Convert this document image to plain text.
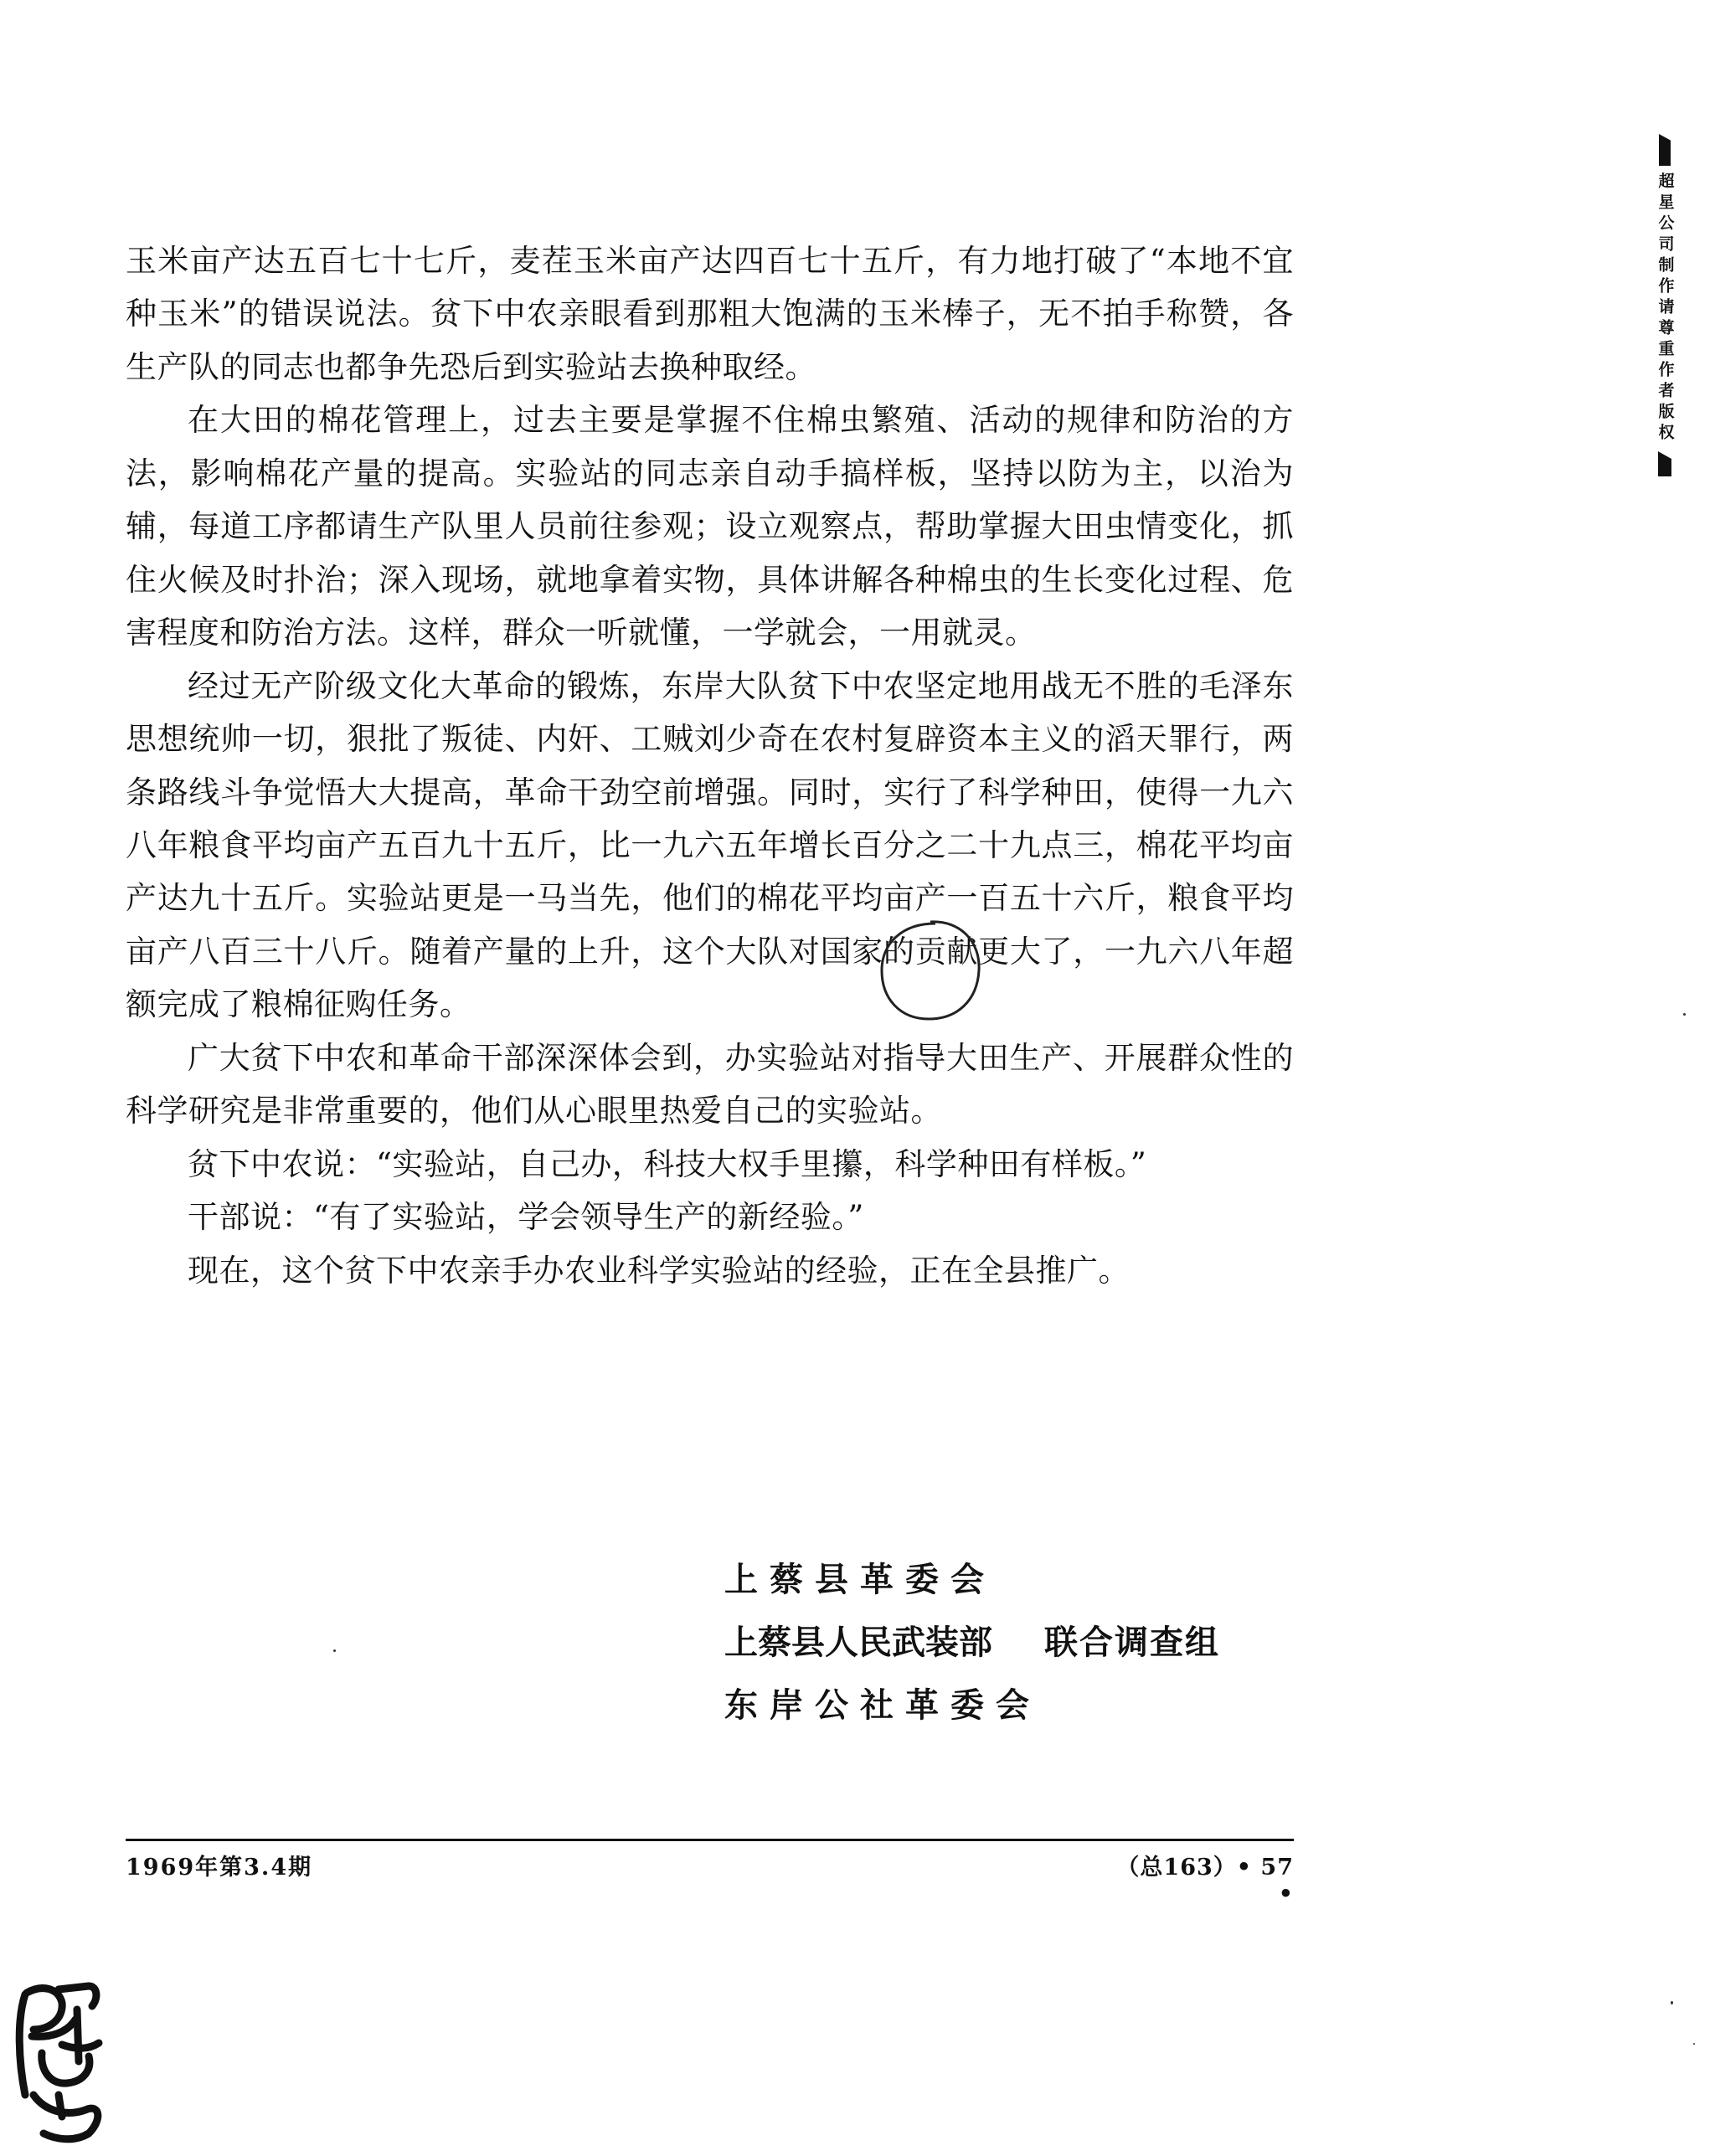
超星公司制作请尊重作者版权

玉米亩产达五百七十七斤，麦茬玉米亩产达四百七十五斤，有力地打破了“本地不宜种玉米”的错误说法。贫下中农亲眼看到那粗大饱满的玉米棒子，无不拍手称赞，各生产队的同志也都争先恐后到实验站去换种取经。

在大田的棉花管理上，过去主要是掌握不住棉虫繁殖、活动的规律和防治的方法，影响棉花产量的提高。实验站的同志亲自动手搞样板，坚持以防为主，以治为辅，每道工序都请生产队里人员前往参观；设立观察点，帮助掌握大田虫情变化，抓住火候及时扑治；深入现场，就地拿着实物，具体讲解各种棉虫的生长变化过程、危害程度和防治方法。这样，群众一听就懂，一学就会，一用就灵。

经过无产阶级文化大革命的锻炼，东岸大队贫下中农坚定地用战无不胜的毛泽东思想统帅一切，狠批了叛徒、内奸、工贼刘少奇在农村复辟资本主义的滔天罪行，两条路线斗争觉悟大大提高，革命干劲空前增强。同时，实行了科学种田，使得一九六八年粮食平均亩产五百九十五斤，比一九六五年增长百分之二十九点三，棉花平均亩产达九十五斤。实验站更是一马当先，他们的棉花平均亩产一百五十六斤，粮食平均亩产八百三十八斤。随着产量的上升，这个大队对国家的贡献更大了，一九六八年超额完成了粮棉征购任务。

广大贫下中农和革命干部深深体会到，办实验站对指导大田生产、开展群众性的科学研究是非常重要的，他们从心眼里热爱自己的实验站。

贫下中农说：“实验站，自己办，科技大权手里攥，科学种田有样板。”

干部说：“有了实验站，学会领导生产的新经验。”

现在，这个贫下中农亲手办农业科学实验站的经验，正在全县推广。

上蔡县革委会
上蔡县人民武装部 联合调查组
东岸公社革委会
1969年第3.4期	（总163）• 57 •
